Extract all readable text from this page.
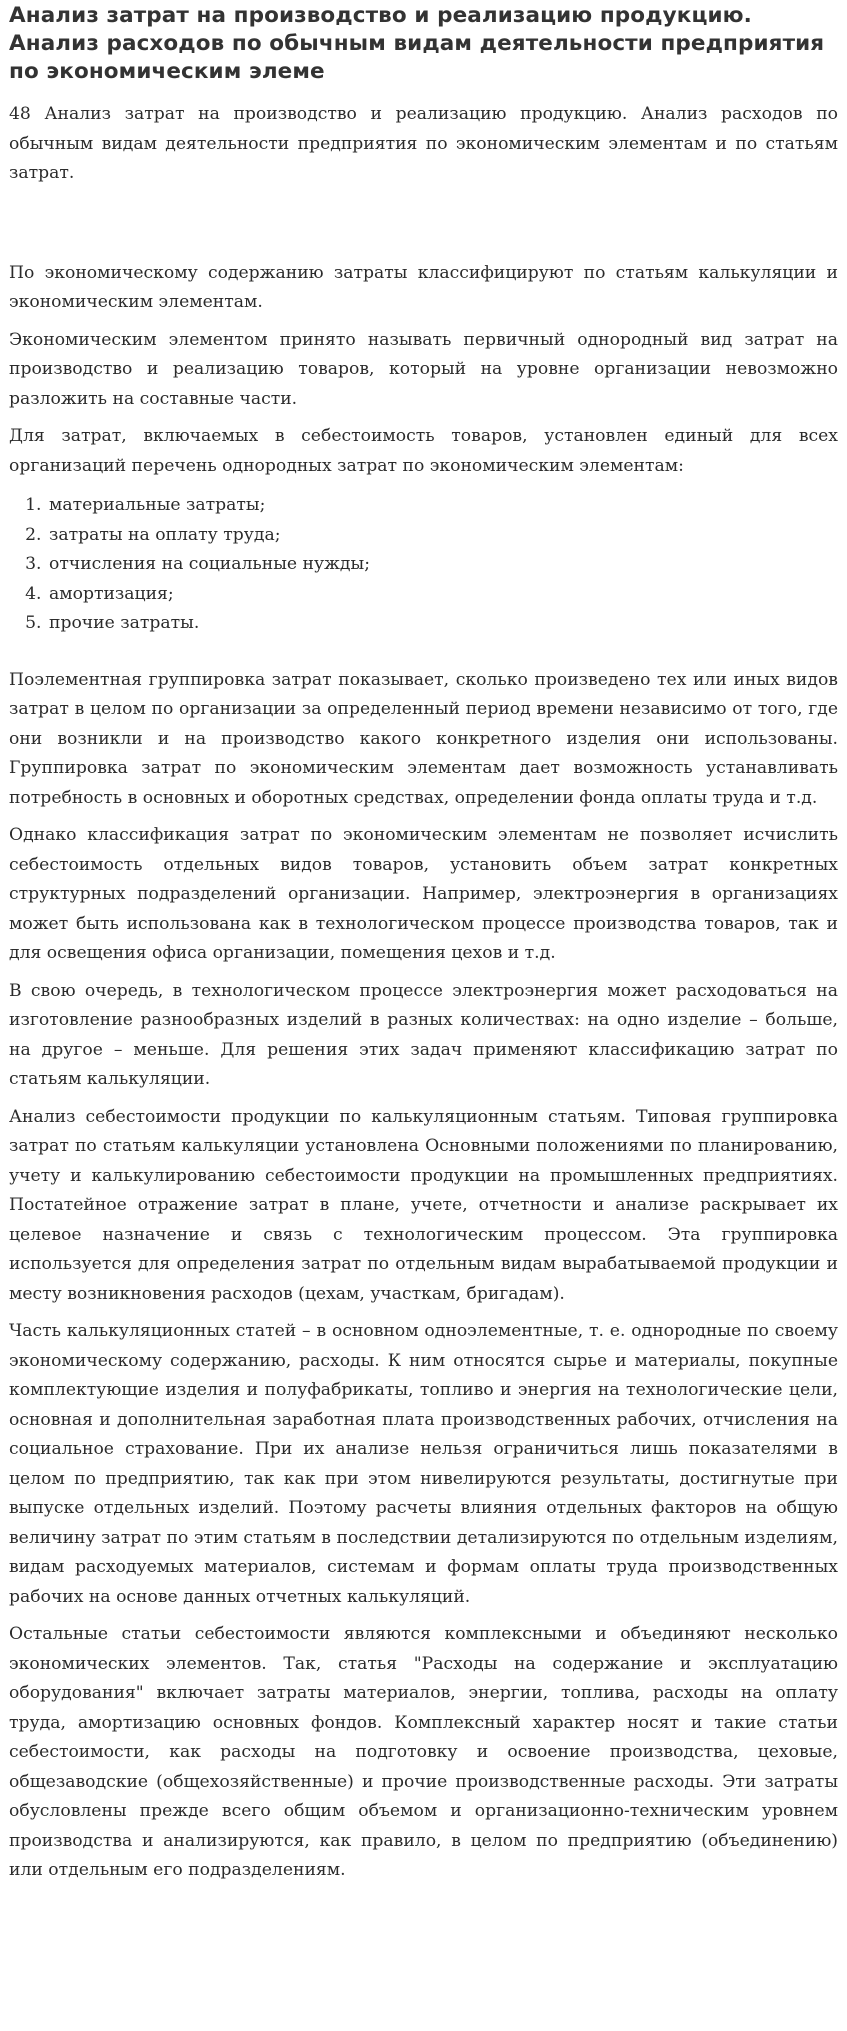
Анализ затрат на производство и реализацию продукцию. Анализ расходов по обычным видам деятельности предприятия по экономическим элеме

48 Анализ затрат на производство и реализацию продукцию. Анализ расходов по обычным видам деятельности предприятия по экономическим элементам и по статьям затрат.

По экономическому содержанию затраты классифицируют по статьям калькуляции и экономическим элементам.

Экономическим элементом принято называть первичный однородный вид затрат на производство и реализацию товаров, который на уровне организации невозможно разложить на составные части.

Для затрат, включаемых в себестоимость товаров, установлен единый для всех организаций перечень однородных затрат по экономическим элементам:

1. материальные затраты;
2. затраты на оплату труда;
3. отчисления на социальные нужды;
4. амортизация;
5. прочие затраты.

Поэлементная группировка затрат показывает, сколько произведено тех или иных видов затрат в целом по организации за определенный период времени независимо от того, где они возникли и на производство какого конкретного изделия они использованы. Группировка затрат по экономическим элементам дает возможность устанавливать потребность в основных и оборотных средствах, определении фонда оплаты труда и т.д.

Однако классификация затрат по экономическим элементам не позволяет исчислить себестоимость отдельных видов товаров, установить объем затрат конкретных структурных подразделений организации. Например, электроэнергия в организациях может быть использована как в технологическом процессе производства товаров, так и для освещения офиса организации, помещения цехов и т.д.

В свою очередь, в технологическом процессе электроэнергия может расходоваться на изготовление разнообразных изделий в разных количествах: на одно изделие – больше, на другое – меньше. Для решения этих задач применяют классификацию затрат по статьям калькуляции.

Анализ себестоимости продукции по калькуляционным статьям. Типовая группировка затрат по статьям калькуляции установлена Основными положениями по планированию, учету и калькулированию себестоимости продукции на промышленных предприятиях. Постатейное отражение затрат в плане, учете, отчетности и анализе раскрывает их целевое назначение и связь с технологическим процессом. Эта группировка используется для определения затрат по отдельным видам вырабатываемой продукции и месту возникновения расходов (цехам, участкам, бригадам).

Часть калькуляционных статей – в основном одноэлементные, т. е. однородные по своему экономическому содержанию, расходы. К ним относятся сырье и материалы, покупные комплектующие изделия и полуфабрикаты, топливо и энергия на технологические цели, основная и дополнительная заработная плата производственных рабочих, отчисления на социальное страхование. При их анализе нельзя ограничиться лишь показателями в целом по предприятию, так как при этом нивелируются результаты, достигнутые при выпуске отдельных изделий. Поэтому расчеты влияния отдельных факторов на общую величину затрат по этим статьям в последствии детализируются по отдельным изделиям, видам расходуемых материалов, системам и формам оплаты труда производственных рабочих на основе данных отчетных калькуляций.

Остальные статьи себестоимости являются комплексными и объединяют несколько экономических элементов. Так, статья "Расходы на содержание и эксплуатацию оборудования" включает затраты материалов, энергии, топлива, расходы на оплату труда, амортизацию основных фондов. Комплексный характер носят и такие статьи себестоимости, как расходы на подготовку и освоение производства, цеховые, общезаводские (общехозяйственные) и прочие производственные расходы. Эти затраты обусловлены прежде всего общим объемом и организационно-техническим уровнем производства и анализируются, как правило, в целом по предприятию (объединению) или отдельным его подразделениям.
